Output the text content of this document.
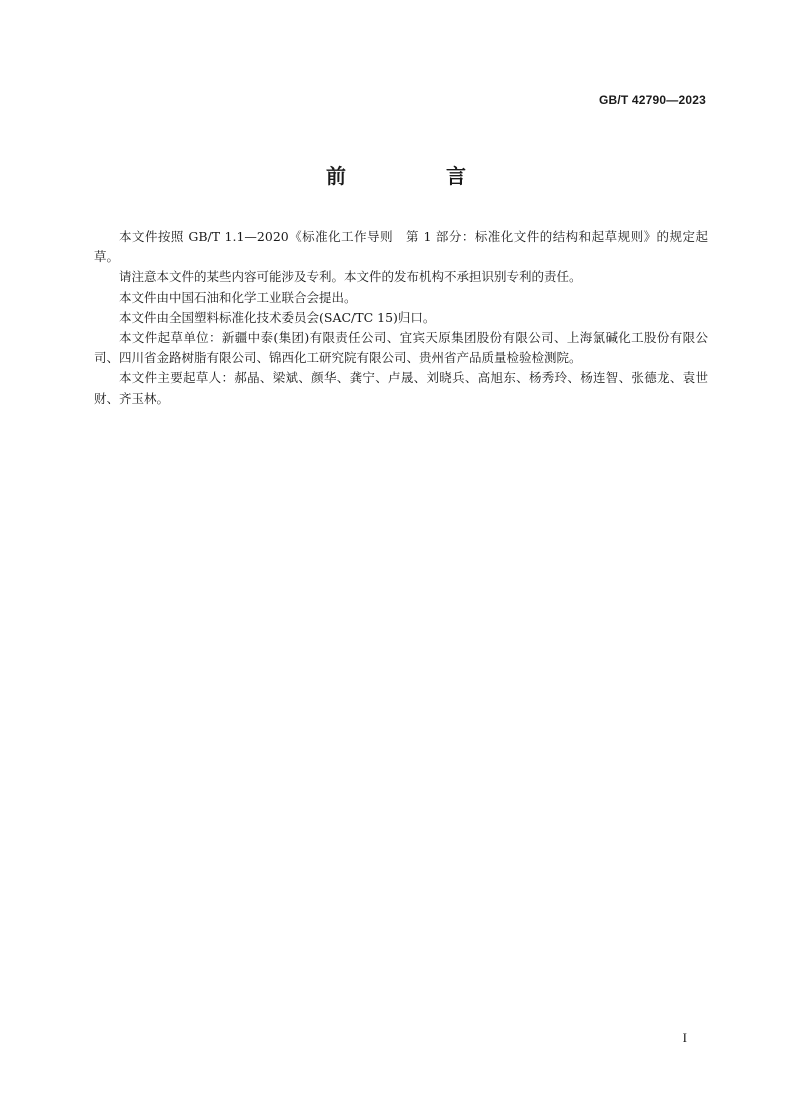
GB/T 42790—2023
前　言

本文件按照 GB/T 1.1—2020《标准化工作导则　第 1 部分：标准化文件的结构和起草规则》的规定起草。

请注意本文件的某些内容可能涉及专利。本文件的发布机构不承担识别专利的责任。

本文件由中国石油和化学工业联合会提出。

本文件由全国塑料标准化技术委员会(SAC/TC 15)归口。

本文件起草单位：新疆中泰(集团)有限责任公司、宜宾天原集团股份有限公司、上海氯碱化工股份有限公司、四川省金路树脂有限公司、锦西化工研究院有限公司、贵州省产品质量检验检测院。

本文件主要起草人：郝晶、梁斌、颜华、龚宁、卢晟、刘晓兵、高旭东、杨秀玲、杨连智、张德龙、袁世财、齐玉林。

I
